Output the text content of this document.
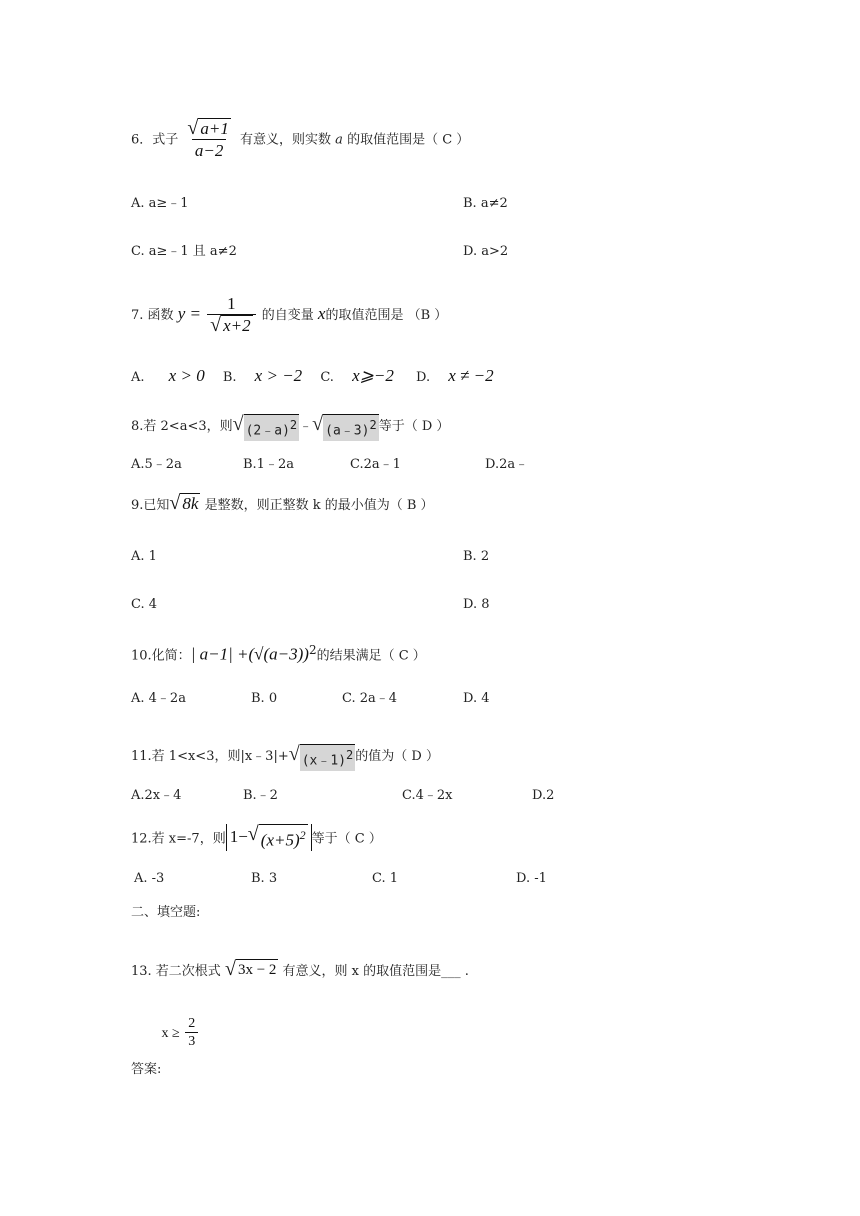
6．式子 $\frac{√ a+1}{a-2}$ 有意义，则实数 a 的取值范围是（ C ）
A. a≥﹣1	B. a≠2
C. a≥﹣1 且 a≠2	D. a>2
7. 函数 $y = \frac{1}{√ x+2}$ 的自变量 x的取值范围是 （B ）
A. x > 0 B. x > −2 C. x⩾−2 D. x ≠ −2
8.若 2<a<3，则 √ (2﹣a)$^2$ ﹣ √ (a﹣3)$^2$ 等于（ D ）
A.5﹣2a	B.1﹣2a	C.2a﹣1	D.2a﹣
9.已知 √ 8k 是整数，则正整数 k 的最小值为（ B ）
A. 1	B. 2
C. 4	D. 8
10.化简：| $a-1| +(√(a-3))^2$的结果满足（ C ）
A. 4﹣2a	B. 0	C. 2a﹣4	D. 4
11.若 1<x<3，则|x﹣3|+ √ (x﹣1)$^2$ 的值为（ D ）
A.2x﹣4	B.﹣2	C.4﹣2x	D.2
12.若 x=-7，则 1− √ $(x+5)^2$ 等于（ C ）
A. -3	B. 3	C. 1	D. -1
二、填空题:
13. 若二次根式 √ 3x − 2 有意义，则 x 的取值范围是___ .
答案: $x \ge \frac{2}{3}$
